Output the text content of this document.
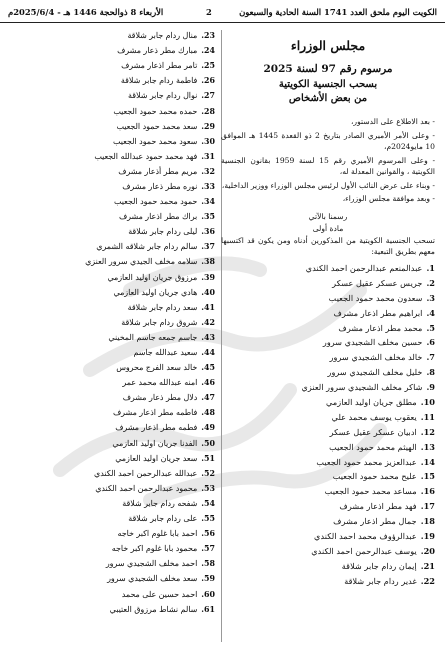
الكويت اليوم ملحق العدد 1741 السنة الحادية والسبعون
2
الأربعاء 8 ذوالحجة 1446 هـ - 2025/6/4م
مجلس الوزراء
مرسوم رقم 97 لسنة 2025
بسحب الجنسية الكويتية
من بعض الأشخاص
- بعد الاطلاع على الدستور،
- وعلى الأمر الأميري الصادر بتاريخ 2 ذو القعدة 1445 هـ الموافق 10 مايو2024م،
- وعلى المرسوم الأميري رقم 15 لسنة 1959 بقانون الجنسية الكويتية ، والقوانين المعدلة له،
- وبناء على عرض النائب الأول لرئيس مجلس الوزراء ووزير الداخلية،
- وبعد موافقة مجلس الوزراء،
رسمنا بالآتي
مادة أولى
تسحب الجنسية الكويتية من المذكورين أدناه ومن يكون قد اكتسبها معهم بطريق التبعية:
1.
عبدالمنعم عبدالرحمن احمد الكندي
2.
جريس عسكر عقيل عسكر
3.
سعدون محمد حمود الجعيب
4.
ابراهيم مطر اذعار مشرف
5.
محمد مطر اذعار مشرف
6.
حسين مخلف الشجيدي سرور
7.
خالد مخلف الشجيدي سرور
8.
خليل مخلف الشجيدي سرور
9.
شاكر مخلف الشجيدي سرور العنزي
10.
مطلق جريان اوليد العازمي
11.
يعقوب يوسف محمد علي
12.
ادبيان عسكر عقيل عسكر
13.
الهيثم محمد حمود الجعيب
14.
عبدالعزيز محمد حمود الجعيب
15.
عليح محمد حمود الجعيب
16.
مساعد محمد حمود الجعيب
17.
فهد مطر اذعار مشرف
18.
جمال مطر اذعار مشرف
19.
عبدالرؤوف محمد احمد الكندي
20.
يوسف عبدالرحمن احمد الكندي
21.
إيمان ردام جابر شلاقة
22.
غدير ردام جابر شلاقة
23.
منال ردام جابر شلاقة
24.
مبارك مطر ذعار مشرف
25.
تامر مطر اذعار مشرف
26.
فاطمة ردام جابر شلاقة
27.
نوال ردام جابر شلاقة
28.
حمده محمد حمود الجعيب
29.
سعد محمد حمود الجعيب
30.
سعود محمد حمود الجعيب
31.
فهد محمد حمود عبدالله الجعيب
32.
مريم مطر أذعار مشرف
33.
نوره مطر ذعار مشرف
34.
حمود محمد حمود الجعيب
35.
براك مطر اذعار مشرف
36.
ليلى ردام جابر شلاقة
37.
سالم ردام جابر شلاقه الشمري
38.
سلامه مخلف الجيدي سرور العنزي
39.
مرزوق جريان اوليد العازمي
40.
هادي جريان اوليد العازمي
41.
سعد ردام جابر شلاقة
42.
شروق ردام جابر شلاقة
43.
جاسم جمعه جاسم المخيني
44.
سعيد عبدالله جاسم
45.
خالد سعد الفرج محروس
46.
امنه عبدالله محمد عمر
47.
دلال مطر ذعار مشرف
48.
فاطمه مطر اذعار مشرف
49.
فطمه مطر اذعار مشرف
50.
الفدنا جريان اوليد العازمي
51.
سعد جريان اوليد العازمي
52.
عبدالله عبدالرحمن احمد الكندي
53.
محمود عبدالرحمن احمد الكندي
54.
شفحه ردام جابر شلاقة
55.
على ردام جابر شلاقة
56.
احمد بابا غلوم اكبر خاجه
57.
محمود بابا غلوم اكبر خاجه
58.
احمد مخلف الشجيدي سرور
59.
سعد مخلف الشجيدي سرور
60.
احمد حسين على محمد
61.
سالم نشاط مرزوق العتيبي
